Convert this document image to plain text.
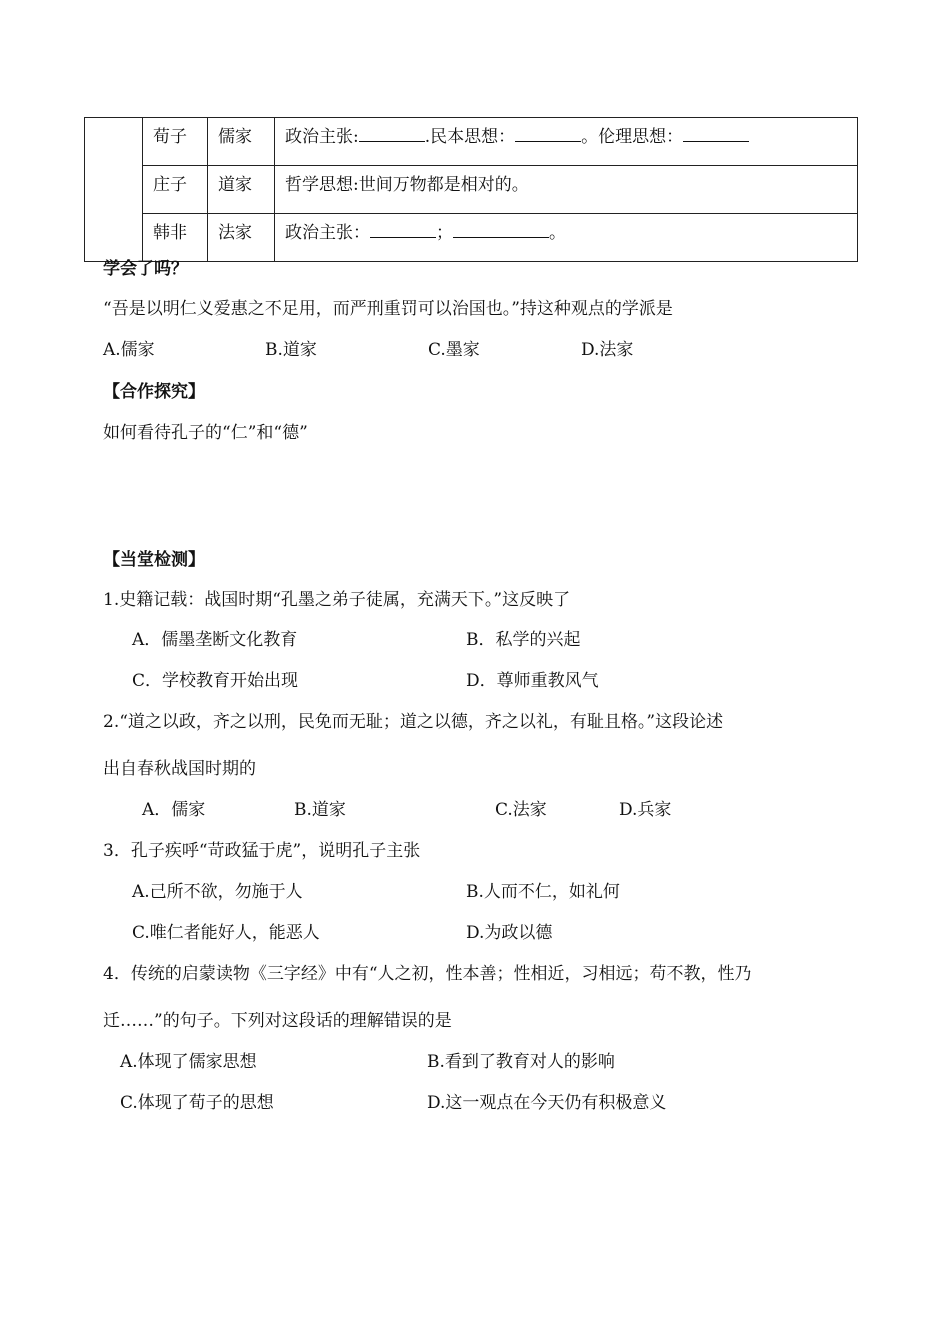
	荀子	儒家	政治主张: .民本思想： 。伦理思想：
	庄子	道家	哲学思想:世间万物都是相对的。
	韩非	法家	政治主张： ； 。
学会了吗？
“吾是以明仁义爱惠之不足用，而严刑重罚可以治国也。”持这种观点的学派是
A.儒家	B.道家	C.墨家	D.法家
【合作探究】
如何看待孔子的“仁”和“德”
【当堂检测】
1.史籍记载：战国时期“孔墨之弟子徒属，充满天下。”这反映了
A．儒墨垄断文化教育	B．私学的兴起
C．学校教育开始出现	D．尊师重教风气
2.“道之以政，齐之以刑，民免而无耻；道之以德，齐之以礼，有耻且格。”这段论述
出自春秋战国时期的
A．儒家	B.道家	C.法家	D.兵家
3．孔子疾呼“苛政猛于虎”，说明孔子主张
A.己所不欲，勿施于人	B.人而不仁，如礼何
C.唯仁者能好人，能恶人	D.为政以德
4．传统的启蒙读物《三字经》中有“人之初，性本善；性相近，习相远；苟不教，性乃
迁……”的句子。下列对这段话的理解错误的是
A.体现了儒家思想	B.看到了教育对人的影响
C.体现了荀子的思想	D.这一观点在今天仍有积极意义
